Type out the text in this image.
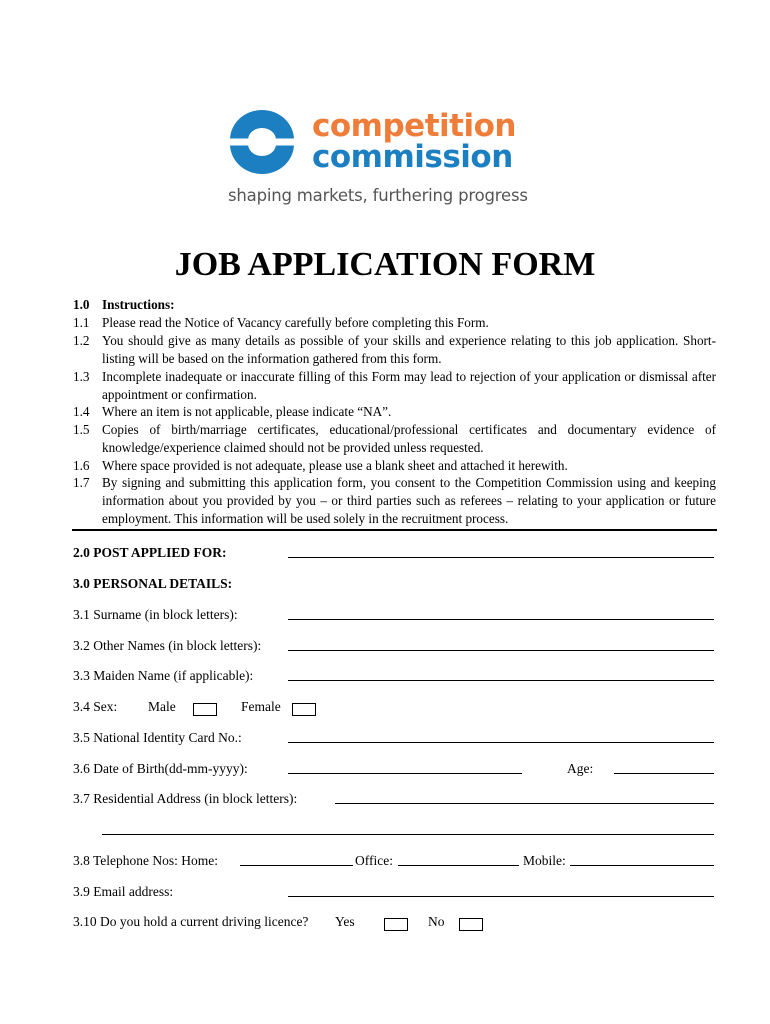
competition
commission
shaping markets, furthering progress
JOB APPLICATION FORM
1.0 Instructions:
1.1 Please read the Notice of Vacancy carefully before completing this Form.
1.2 You should give as many details as possible of your skills and experience relating to this job application. Short-listing will be based on the information gathered from this form.
1.3 Incomplete inadequate or inaccurate filling of this Form may lead to rejection of your application or dismissal after appointment or confirmation.
1.4 Where an item is not applicable, please indicate “NA”.
1.5 Copies of birth/marriage certificates, educational/professional certificates and documentary evidence of knowledge/experience claimed should not be provided unless requested.
1.6 Where space provided is not adequate, please use a blank sheet and attached it herewith.
1.7 By signing and submitting this application form, you consent to the Competition Commission using and keeping information about you provided by you – or third parties such as referees – relating to your application or future employment. This information will be used solely in the recruitment process.
2.0 POST APPLIED FOR:
3.0 PERSONAL DETAILS:
3.1 Surname (in block letters):
3.2 Other Names (in block letters):
3.3 Maiden Name (if applicable):
3.4 Sex: Male	Female
3.5 National Identity Card No.:
3.6 Date of Birth(dd-mm-yyyy):	Age:
3.7 Residential Address (in block letters):
3.8 Telephone Nos: Home:	Office:	Mobile:
3.9 Email address:
3.10 Do you hold a current driving licence? Yes	No
